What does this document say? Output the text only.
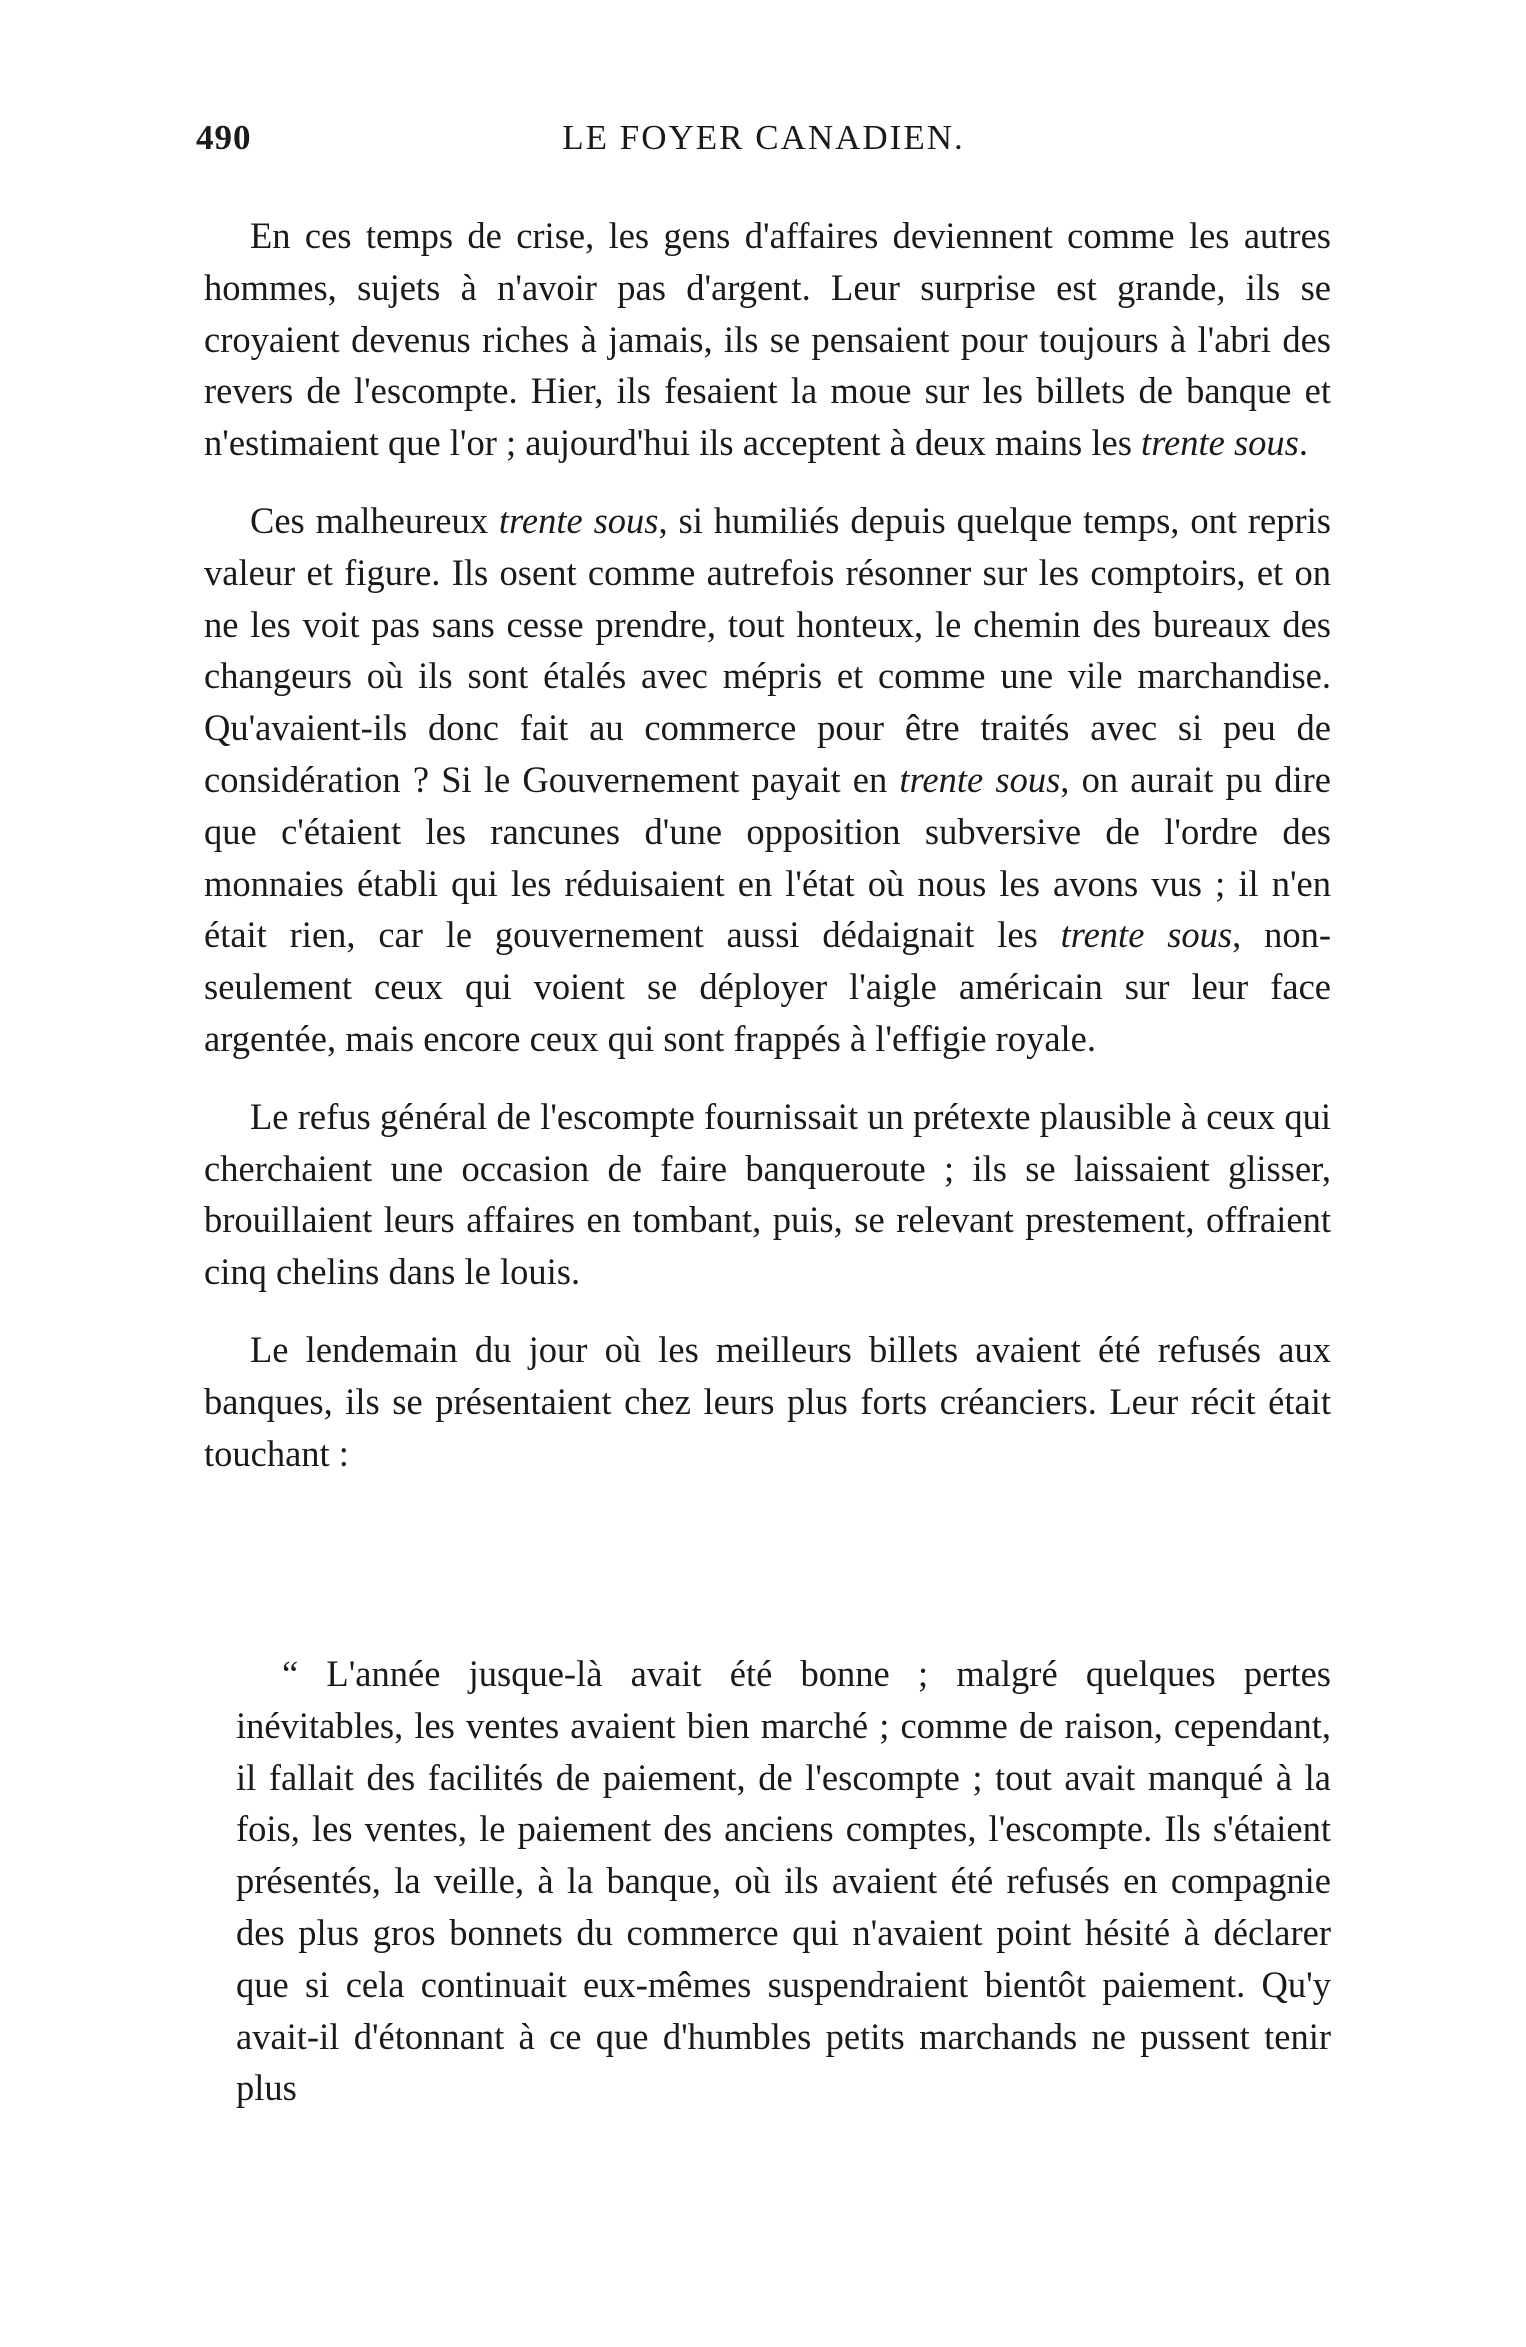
490	LE FOYER CANADIEN.

En ces temps de crise, les gens d'affaires deviennent comme les autres hommes, sujets à n'avoir pas d'argent. Leur surprise est grande, ils se croyaient devenus riches à jamais, ils se pensaient pour toujours à l'abri des revers de l'escompte. Hier, ils fesaient la moue sur les billets de banque et n'estimaient que l'or ; aujourd'hui ils acceptent à deux mains les trente sous.

Ces malheureux trente sous, si humiliés depuis quelque temps, ont repris valeur et figure. Ils osent comme autrefois résonner sur les comptoirs, et on ne les voit pas sans cesse prendre, tout honteux, le chemin des bureaux des changeurs où ils sont étalés avec mépris et comme une vile marchandise. Qu'avaient-ils donc fait au commerce pour être traités avec si peu de considération ? Si le Gouvernement payait en trente sous, on aurait pu dire que c'étaient les rancunes d'une opposition subversive de l'ordre des monnaies établi qui les réduisaient en l'état où nous les avons vus ; il n'en était rien, car le gouvernement aussi dédaignait les trente sous, non-seulement ceux qui voient se déployer l'aigle américain sur leur face argentée, mais encore ceux qui sont frappés à l'effigie royale.

Le refus général de l'escompte fournissait un prétexte plausible à ceux qui cherchaient une occasion de faire banqueroute ; ils se laissaient glisser, brouillaient leurs affaires en tombant, puis, se relevant prestement, offraient cinq chelins dans le louis.

Le lendemain du jour où les meilleurs billets avaient été refusés aux banques, ils se présentaient chez leurs plus forts créanciers. Leur récit était touchant :

“ L'année jusque-là avait été bonne ; malgré quelques pertes inévitables, les ventes avaient bien marché ; comme de raison, cependant, il fallait des facilités de paiement, de l'escompte ; tout avait manqué à la fois, les ventes, le paiement des anciens comptes, l'escompte. Ils s'étaient présentés, la veille, à la banque, où ils avaient été refusés en compagnie des plus gros bonnets du commerce qui n'avaient point hésité à déclarer que si cela continuait eux-mêmes suspendraient bientôt paiement. Qu'y avait-il d'étonnant à ce que d'humbles petits marchands ne pussent tenir plus
